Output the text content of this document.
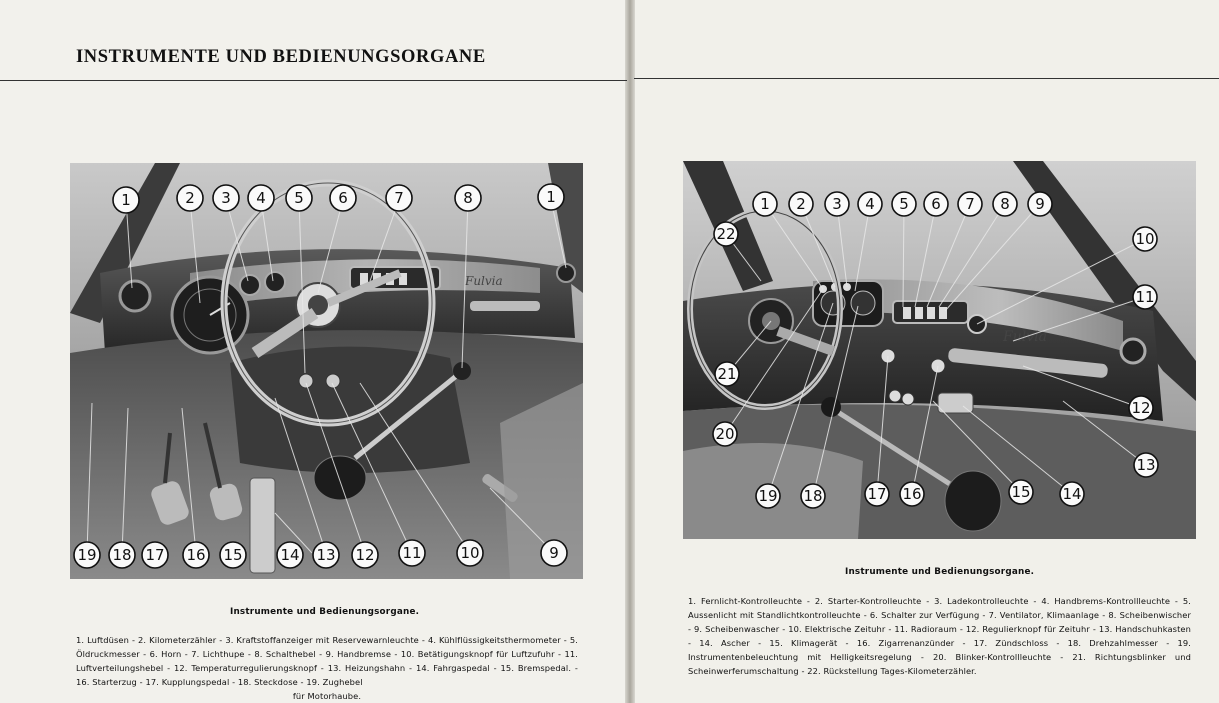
INSTRUMENTE UND BEDIENUNGSORGANE
Fulvia
1	2 3 4 5 6	7	8	1
19 18 17 16 15	14 13 12 11	10	9
Instrumente und Bedienungsorgane.
1. Luftdüsen - 2. Kilometerzähler - 3. Kraftstoffanzeiger mit Reservewarnleuchte - 4. Kühlflüssigkeitsthermometer - 5. Öldruckmesser - 6. Horn - 7. Lichthupe - 8. Schalthebel - 9. Handbremse - 10. Betätigungsknopf für Luftzufuhr - 11. Luftverteilungshebel - 12. Temperaturregulierungsknopf - 13. Heizungshahn - 14. Fahrgaspedal - 15. Bremspedal. - 16. Starterzug - 17. Kupplungspedal - 18. Steckdose - 19. Zughebel
für Motorhaube.
Fulvia
1 2 3 4 5 6 7 8 9
22	10
11
21
12
20
13
19 18	17 16	15 14
Instrumente und Bedienungsorgane.
1. Fernlicht-Kontrolleuchte - 2. Starter-Kontrolleuchte - 3. Ladekontrolleuchte - 4. Handbrems-Kontrollleuchte - 5. Aussenlicht mit Standlichtkontrolleuchte - 6. Schalter zur Verfügung - 7. Ventilator, Klimaanlage - 8. Scheibenwischer - 9. Scheibenwascher - 10. Elektrische Zeituhr - 11. Radioraum - 12. Regulierknopf für Zeituhr - 13. Handschuhkasten - 14. Ascher - 15. Klimagerät - 16. Zigarrenanzünder - 17. Zündschloss - 18. Drehzahlmesser - 19. Instrumentenbeleuchtung mit Helligkeitsregelung - 20. Blinker-Kontrollleuchte - 21. Richtungsblinker und Scheinwerferumschaltung - 22. Rückstellung Tages-Kilometerzähler.
